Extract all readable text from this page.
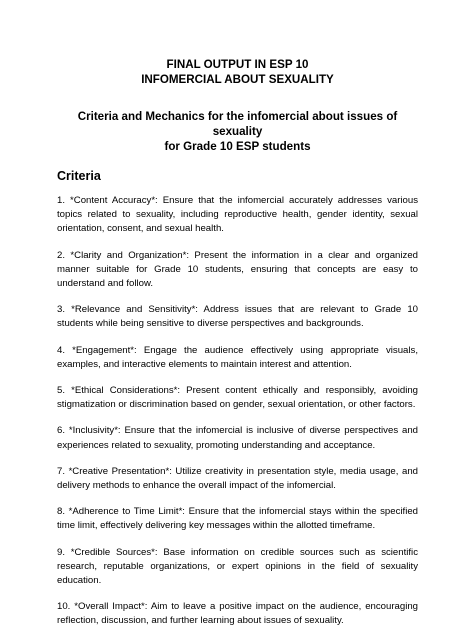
FINAL OUTPUT IN ESP 10
INFOMERCIAL ABOUT SEXUALITY

Criteria and Mechanics for the infomercial about issues of sexuality
for Grade 10 ESP students

Criteria

1. *Content Accuracy*: Ensure that the infomercial accurately addresses various topics related to sexuality, including reproductive health, gender identity, sexual orientation, consent, and sexual health.
2. *Clarity and Organization*: Present the information in a clear and organized manner suitable for Grade 10 students, ensuring that concepts are easy to understand and follow.
3. *Relevance and Sensitivity*: Address issues that are relevant to Grade 10 students while being sensitive to diverse perspectives and backgrounds.
4. *Engagement*: Engage the audience effectively using appropriate visuals, examples, and interactive elements to maintain interest and attention.
5. *Ethical Considerations*: Present content ethically and responsibly, avoiding stigmatization or discrimination based on gender, sexual orientation, or other factors.
6. *Inclusivity*: Ensure that the infomercial is inclusive of diverse perspectives and experiences related to sexuality, promoting understanding and acceptance.
7. *Creative Presentation*: Utilize creativity in presentation style, media usage, and delivery methods to enhance the overall impact of the infomercial.
8. *Adherence to Time Limit*: Ensure that the infomercial stays within the specified time limit, effectively delivering key messages within the allotted timeframe.
9. *Credible Sources*: Base information on credible sources such as scientific research, reputable organizations, or expert opinions in the field of sexuality education.
10. *Overall Impact*: Aim to leave a positive impact on the audience, encouraging reflection, discussion, and further learning about issues of sexuality.
